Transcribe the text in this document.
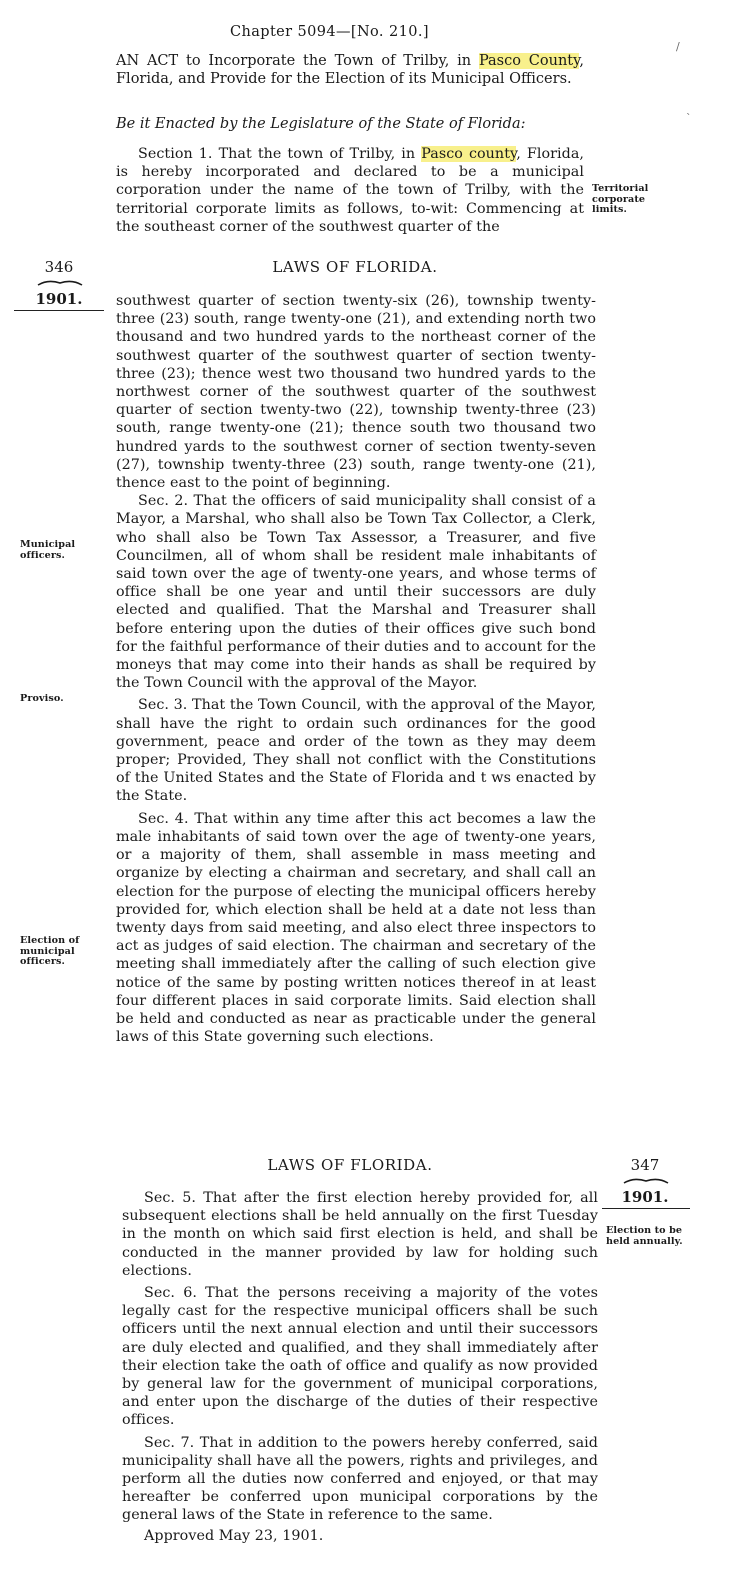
Chapter 5094—[No. 210.]
AN ACT to Incorporate the Town of Trilby, in Pasco County, Florida, and Provide for the Election of its Municipal Officers.
Be it Enacted by the Legislature of the State of Florida:

Section 1. That the town of Trilby, in Pasco county, Florida, is hereby incorporated and declared to be a municipal corporation under the name of the town of Trilby, with the territorial corporate limits as follows, to-wit: Commencing at the southeast corner of the southwest quarter of the

Territorial corporate limits.
/
`
346
1901.
LAWS OF FLORIDA.

southwest quarter of section twenty-six (26), township twenty-three (23) south, range twenty-one (21), and extending north two thousand and two hundred yards to the northeast corner of the southwest quarter of the southwest quarter of section twenty-three (23); thence west two thousand two hundred yards to the northwest corner of the southwest quarter of the southwest quarter of section twenty-two (22), township twenty-three (23) south, range twenty-one (21); thence south two thousand two hundred yards to the southwest corner of section twenty-seven (27), township twenty-three (23) south, range twenty-one (21), thence east to the point of beginning.

Sec. 2. That the officers of said municipality shall consist of a Mayor, a Marshal, who shall also be Town Tax Collector, a Clerk, who shall also be Town Tax Assessor, a Treasurer, and five Councilmen, all of whom shall be resident male inhabitants of said town over the age of twenty-one years, and whose terms of office shall be one year and until their successors are duly elected and qualified. That the Marshal and Treasurer shall before entering upon the duties of their offices give such bond for the faithful performance of their duties and to account for the moneys that may come into their hands as shall be required by the Town Council with the approval of the Mayor.

Sec. 3. That the Town Council, with the approval of the Mayor, shall have the right to ordain such ordinances for the good government, peace and order of the town as they may deem proper; Provided, They shall not conflict with the Constitutions of the United States and the State of Florida and t ws enacted by the State.

Sec. 4. That within any time after this act becomes a law the male inhabitants of said town over the age of twenty-one years, or a majority of them, shall assemble in mass meeting and organize by electing a chairman and secretary, and shall call an election for the purpose of electing the municipal officers hereby provided for, which election shall be held at a date not less than twenty days from said meeting, and also elect three inspectors to act as judges of said election. The chairman and secretary of the meeting shall immediately after the calling of such election give notice of the same by posting written notices thereof in at least four different places in said corporate limits. Said election shall be held and conducted as near as practicable under the general laws of this State governing such elections.

Municipal officers.
Proviso.
Election of municipal officers.
LAWS OF FLORIDA.	347
1901.

Sec. 5. That after the first election hereby provided for, all subsequent elections shall be held annually on the first Tuesday in the month on which said first election is held, and shall be conducted in the manner provided by law for holding such elections.

Sec. 6. That the persons receiving a majority of the votes legally cast for the respective municipal officers shall be such officers until the next annual election and until their successors are duly elected and qualified, and they shall immediately after their election take the oath of office and qualify as now provided by general law for the government of municipal corporations, and enter upon the discharge of the duties of their respective offices.

Sec. 7. That in addition to the powers hereby conferred, said municipality shall have all the powers, rights and privileges, and perform all the duties now conferred and enjoyed, or that may hereafter be conferred upon municipal corporations by the general laws of the State in reference to the same.

Approved May 23, 1901.

Election to be held annually.
